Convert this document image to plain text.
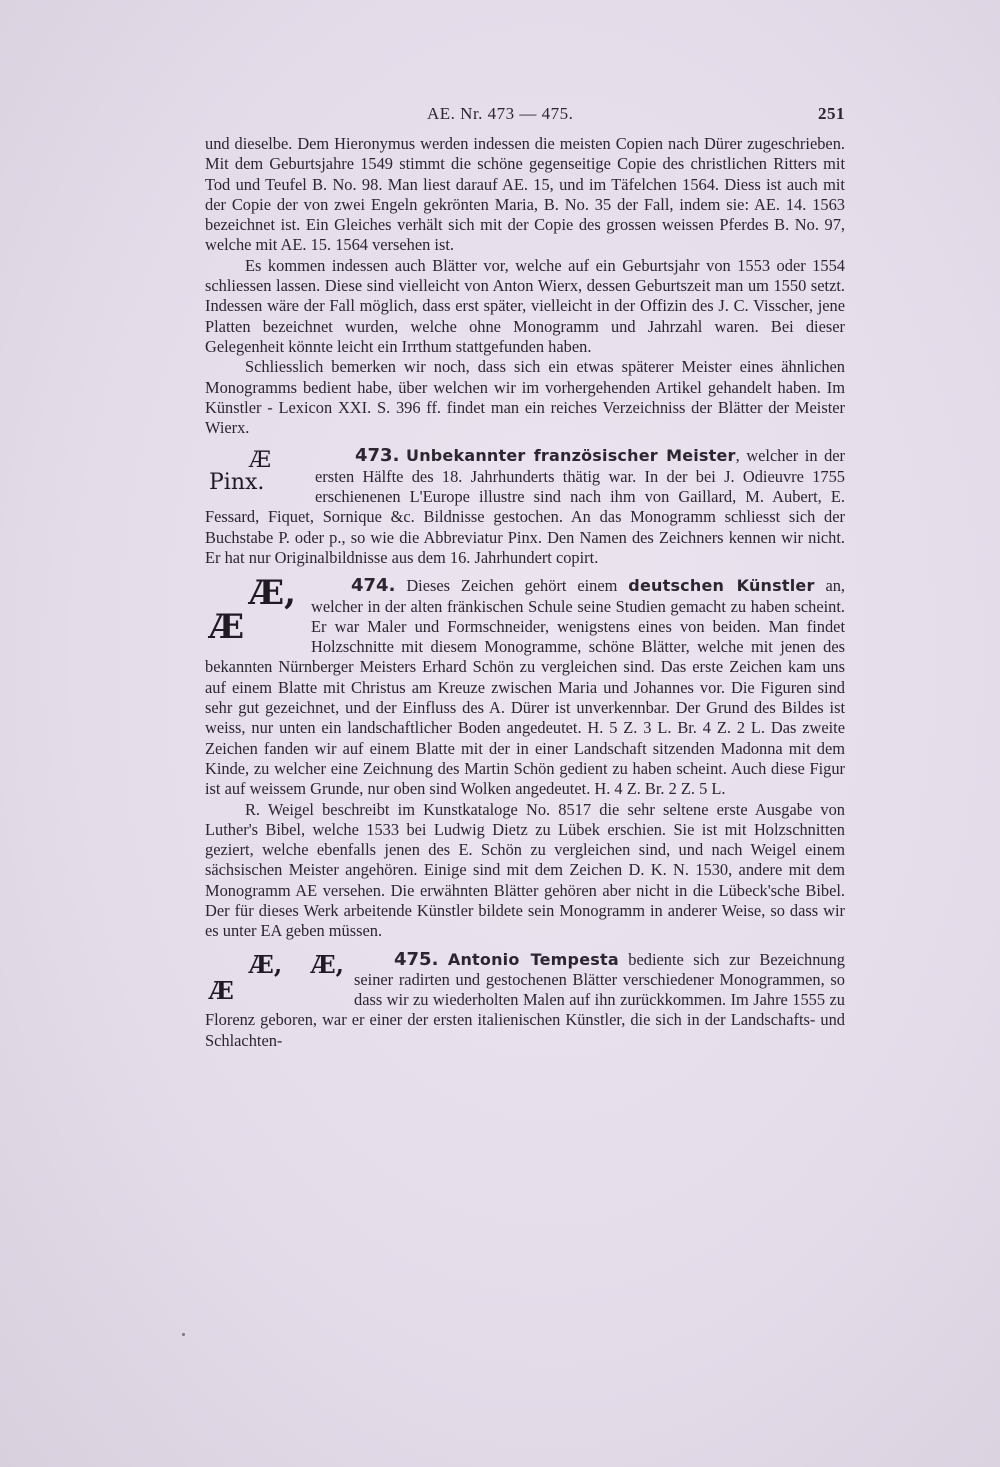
AE. Nr. 473 — 475.	251

und dieselbe. Dem Hieronymus werden indessen die meisten Copien nach Dürer zugeschrieben. Mit dem Geburtsjahre 1549 stimmt die schöne gegenseitige Copie des christlichen Ritters mit Tod und Teufel B. No. 98. Man liest darauf AE. 15, und im Täfelchen 1564. Diess ist auch mit der Copie der von zwei Engeln gekrönten Maria, B. No. 35 der Fall, indem sie: AE. 14. 1563 bezeichnet ist. Ein Gleiches verhält sich mit der Copie des grossen weissen Pferdes B. No. 97, welche mit AE. 15. 1564 versehen ist.

Es kommen indessen auch Blätter vor, welche auf ein Geburtsjahr von 1553 oder 1554 schliessen lassen. Diese sind vielleicht von Anton Wierx, dessen Geburtszeit man um 1550 setzt. Indessen wäre der Fall möglich, dass erst später, vielleicht in der Offizin des J. C. Visscher, jene Platten bezeichnet wurden, welche ohne Monogramm und Jahrzahl waren. Bei dieser Gelegenheit könnte leicht ein Irrthum stattgefunden haben.

Schliesslich bemerken wir noch, dass sich ein etwas späterer Meister eines ähnlichen Monogramms bedient habe, über welchen wir im vorhergehenden Artikel gehandelt haben. Im Künstler - Lexicon XXI. S. 396 ff. findet man ein reiches Verzeichniss der Blätter der Meister Wierx.

473. Unbekannter französischer Meister
Æ Pinx.
, welcher in der ersten Hälfte des 18. Jahrhunderts thätig war. In der bei J. Odieuvre 1755 erschienenen L'Europe illustre sind nach ihm von Gaillard, M. Aubert, E. Fessard, Fiquet, Sornique &c. Bildnisse gestochen. An das Monogramm schliesst sich der Buchstabe P. oder p., so wie die Abbreviatur Pinx. Den Namen des Zeichners kennen wir nicht. Er hat nur Originalbildnisse aus dem 16. Jahrhundert copirt.

474. Dieses Zeichen gehört einem deutschen Künstler
Æ, Æ
an, welcher in der alten fränkischen Schule seine Studien gemacht zu haben scheint. Er war Maler und Formschneider, wenigstens eines von beiden. Man findet Holzschnitte mit diesem Monogramme, schöne Blätter, welche mit jenen des bekannten Nürnberger Meisters Erhard Schön zu vergleichen sind. Das erste Zeichen kam uns auf einem Blatte mit Christus am Kreuze zwischen Maria und Johannes vor. Die Figuren sind sehr gut gezeichnet, und der Einfluss des A. Dürer ist unverkennbar. Der Grund des Bildes ist weiss, nur unten ein landschaftlicher Boden angedeutet. H. 5 Z. 3 L. Br. 4 Z. 2 L. Das zweite Zeichen fanden wir auf einem Blatte mit der in einer Landschaft sitzenden Madonna mit dem Kinde, zu welcher eine Zeichnung des Martin Schön gedient zu haben scheint. Auch diese Figur ist auf weissem Grunde, nur oben sind Wolken angedeutet. H. 4 Z. Br. 2 Z. 5 L.

R. Weigel beschreibt im Kunstkataloge No. 8517 die sehr seltene erste Ausgabe von Luther's Bibel, welche 1533 bei Ludwig Dietz zu Lübek erschien. Sie ist mit Holzschnitten geziert, welche ebenfalls jenen des E. Schön zu vergleichen sind, und nach Weigel einem sächsischen Meister angehören. Einige sind mit dem Zeichen D. K. N. 1530, andere mit dem Monogramm AE versehen. Die erwähnten Blätter gehören aber nicht in die Lübeck'sche Bibel. Der für dieses Werk arbeitende Künstler bildete sein Monogramm in anderer Weise, so dass wir es unter EA geben müssen.

475. Antonio Tempesta
Æ, Æ, Æ
bediente sich zur Bezeichnung seiner radirten und gestochenen Blätter verschiedener Monogrammen, so dass wir zu wiederholten Malen auf ihn zurückkommen. Im Jahre 1555 zu Florenz geboren, war er einer der ersten italienischen Künstler, die sich in der Landschafts- und Schlachten-
